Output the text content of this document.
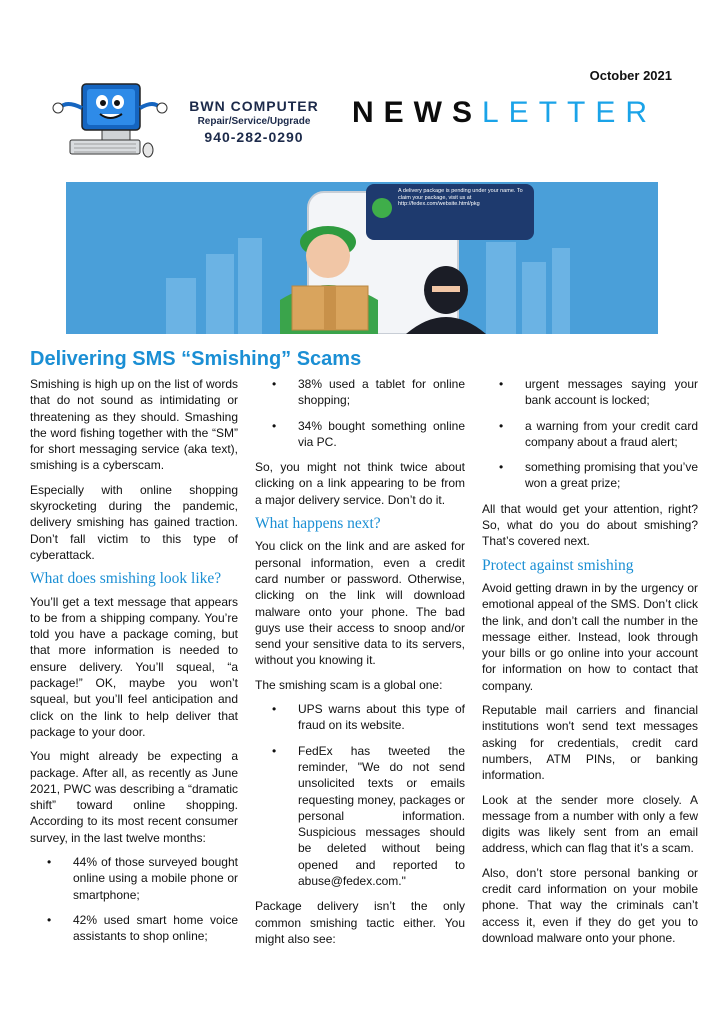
October 2021
BWN COMPUTER
Repair/Service/Upgrade
940-282-0290
NEWSLETTER
A delivery package is pending under your name. To claim your package, visit us at http://fedex.com/website.html/pkg
Delivering SMS “Smishing” Scams

Smishing is high up on the list of words that do not sound as intimidating or threatening as they should. Smashing the word fishing together with the “SM” for short messaging service (aka text), smishing is a cyberscam.

Especially with online shopping skyrocketing during the pandemic, delivery smishing has gained traction. Don’t fall victim to this type of cyberattack.

What does smishing look like?

You’ll get a text message that appears to be from a shipping company. You’re told you have a package coming, but that more information is needed to ensure delivery. You’ll squeal, “a package!” OK, maybe you won’t squeal, but you’ll feel anticipation and click on the link to help deliver that package to your door.

You might already be expecting a package. After all, as recently as June 2021, PWC was describing a “dramatic shift” toward online shopping. According to its most recent consumer survey, in the last twelve months:

• 44% of those surveyed bought online using a mobile phone or smartphone;
• 42% used smart home voice assistants to shop online;
• 38% used a tablet for online shopping;
• 34% bought something online via PC.

So, you might not think twice about clicking on a link appearing to be from a major delivery service. Don’t do it.

What happens next?

You click on the link and are asked for personal information, even a credit card number or password. Otherwise, clicking on the link will download malware onto your phone. The bad guys use their access to snoop and/or send your sensitive data to its servers, without you knowing it.

The smishing scam is a global one:

• UPS warns about this type of fraud on its website.
• FedEx has tweeted the reminder, "We do not send unsolicited texts or emails requesting money, packages or personal information. Suspicious messages should be deleted without being opened and reported to abuse@fedex.com."

Package delivery isn’t the only common smishing tactic either. You might also see:

• urgent messages saying your bank account is locked;
• a warning from your credit card company about a fraud alert;
• something promising that you’ve won a great prize;

All that would get your attention, right? So, what do you do about smishing? That’s covered next.

Protect against smishing

Avoid getting drawn in by the urgency or emotional appeal of the SMS. Don’t click the link, and don’t call the number in the message either. Instead, look through your bills or go online into your account for information on how to contact that company.

Reputable mail carriers and financial institutions won't send text messages asking for credentials, credit card numbers, ATM PINs, or banking information.

Look at the sender more closely. A message from a number with only a few digits was likely sent from an email address, which can flag that it’s a scam.

Also, don’t store personal banking or credit card information on your mobile phone. That way the criminals can’t access it, even if they do get you to download malware onto your phone.
